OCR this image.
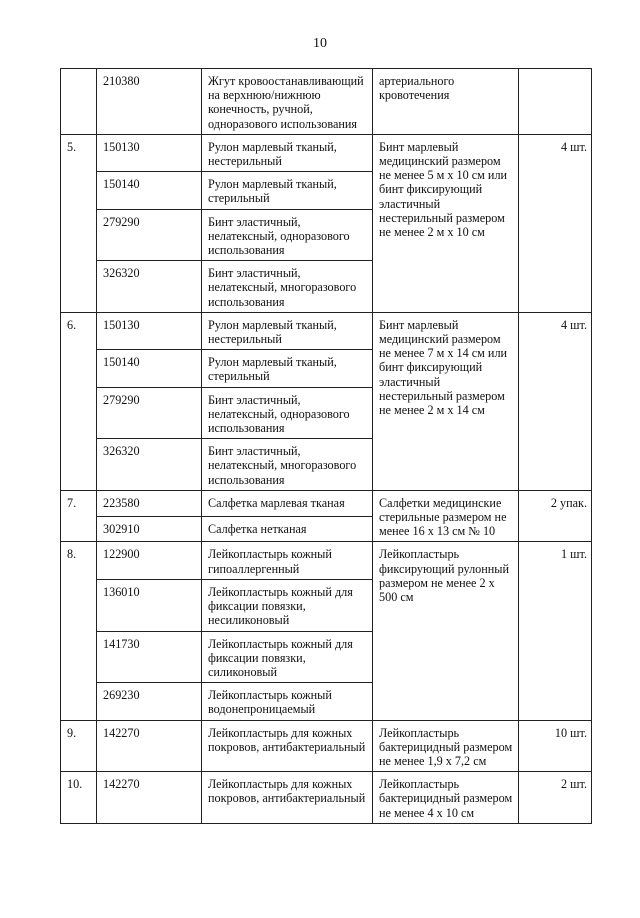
10
	210380	Жгут кровоостанавливающий на верхнюю/нижнюю конечность, ручной, одноразового использования	артериального кровотечения	
5.	150130	Рулон марлевый тканый, нестерильный	Бинт марлевый медицинский размером не менее 5 м х 10 см или бинт фиксирующий эластичный нестерильный размером не менее 2 м х 10 см	4 шт.
	150140	Рулон марлевый тканый, стерильный		
	279290	Бинт эластичный, нелатексный, одноразового использования		
	326320	Бинт эластичный, нелатексный, многоразового использования		
6.	150130	Рулон марлевый тканый, нестерильный	Бинт марлевый медицинский размером не менее 7 м х 14 см или бинт фиксирующий эластичный нестерильный размером не менее 2 м х 14 см	4 шт.
	150140	Рулон марлевый тканый, стерильный		
	279290	Бинт эластичный, нелатексный, одноразового использования		
	326320	Бинт эластичный, нелатексный, многоразового использования		
7.	223580	Салфетка марлевая тканая	Салфетки медицинские стерильные размером не менее 16 х 13 см № 10	2 упак.
	302910	Салфетка нетканая		
8.	122900	Лейкопластырь кожный гипоаллергенный	Лейкопластырь фиксирующий рулонный размером не менее 2 х 500 см	1 шт.
	136010	Лейкопластырь кожный для фиксации повязки, несиликоновый		
	141730	Лейкопластырь кожный для фиксации повязки, силиконовый		
	269230	Лейкопластырь кожный водонепроницаемый		
9.	142270	Лейкопластырь для кожных покровов, антибактериальный	Лейкопластырь бактерицидный размером не менее 1,9 х 7,2 см	10 шт.
10.	142270	Лейкопластырь для кожных покровов, антибактериальный	Лейкопластырь бактерицидный размером не менее 4 х 10 см	2 шт.
